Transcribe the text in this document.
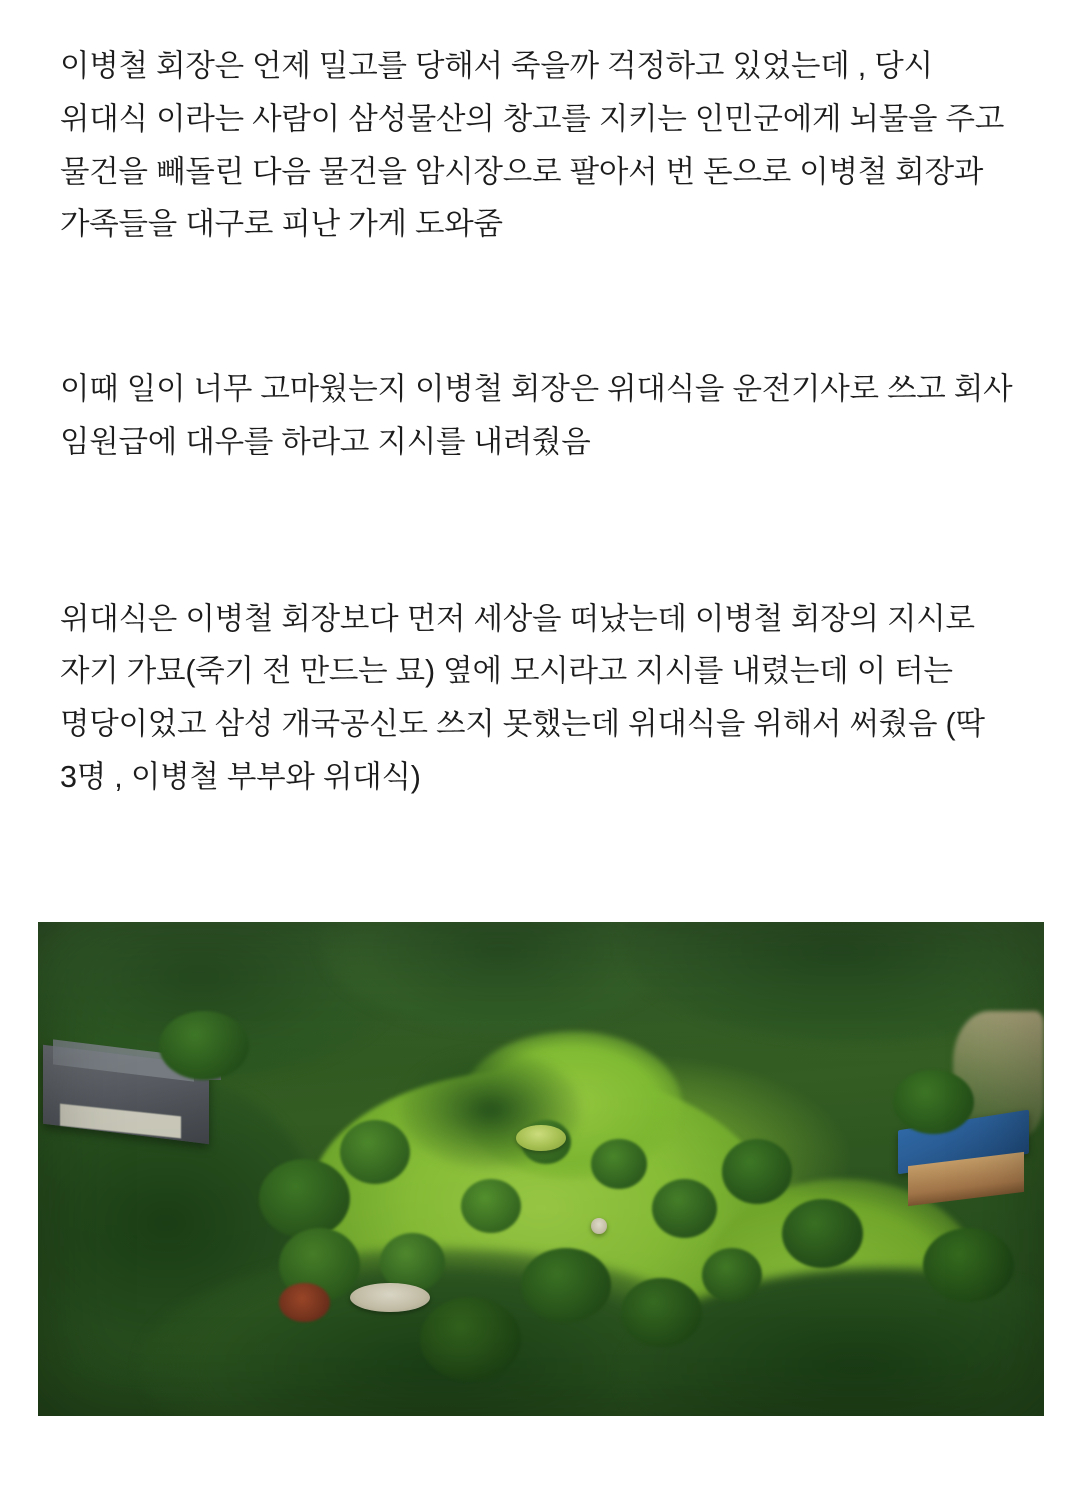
이병철 회장은 언제 밀고를 당해서 죽을까 걱정하고 있었는데 , 당시 위대식 이라는 사람이 삼성물산의 창고를 지키는 인민군에게 뇌물을 주고 물건을 빼돌린 다음 물건을 암시장으로 팔아서 번 돈으로 이병철 회장과 가족들을 대구로 피난 가게 도와줌

이때 일이 너무 고마웠는지 이병철 회장은 위대식을 운전기사로 쓰고 회사 임원급에 대우를 하라고 지시를 내려줬음

위대식은 이병철 회장보다 먼저 세상을 떠났는데 이병철 회장의 지시로 자기 가묘(죽기 전 만드는 묘) 옆에 모시라고 지시를 내렸는데 이 터는 명당이었고 삼성 개국공신도 쓰지 못했는데 위대식을 위해서 써줬음 (딱 3명 , 이병철 부부와 위대식)
